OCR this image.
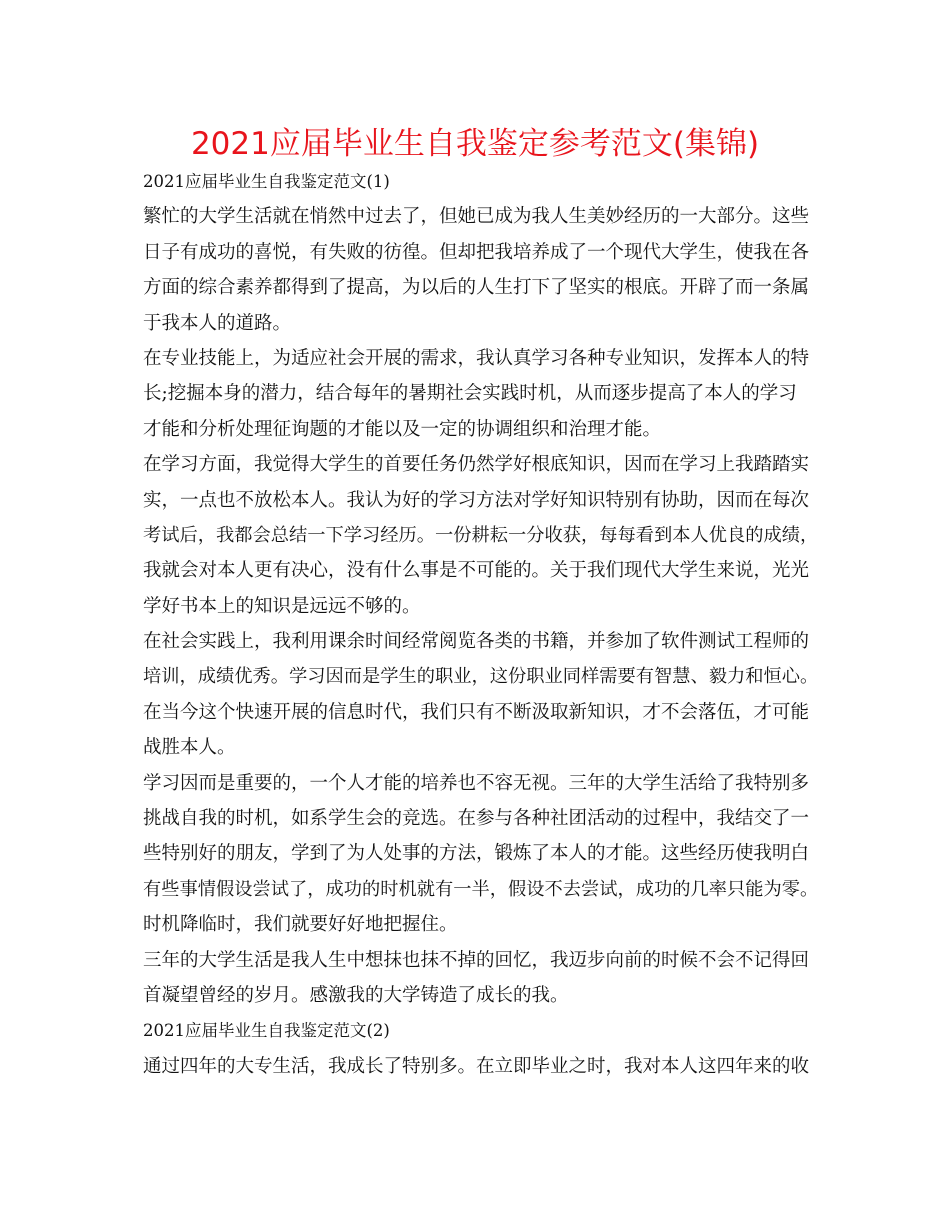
2021应届毕业生自我鉴定参考范文(集锦)
2021应届毕业生自我鉴定范文(1)
繁忙的大学生活就在悄然中过去了，但她已成为我人生美妙经历的一大部分。这些
日子有成功的喜悦，有失败的彷徨。但却把我培养成了一个现代大学生，使我在各
方面的综合素养都得到了提高，为以后的人生打下了坚实的根底。开辟了而一条属
于我本人的道路。
在专业技能上，为适应社会开展的需求，我认真学习各种专业知识，发挥本人的特
长;挖掘本身的潜力，结合每年的暑期社会实践时机，从而逐步提高了本人的学习
才能和分析处理征询题的才能以及一定的协调组织和治理才能。
在学习方面，我觉得大学生的首要任务仍然学好根底知识，因而在学习上我踏踏实
实，一点也不放松本人。我认为好的学习方法对学好知识特别有协助，因而在每次
考试后，我都会总结一下学习经历。一份耕耘一分收获，每每看到本人优良的成绩，
我就会对本人更有决心，没有什么事是不可能的。关于我们现代大学生来说，光光
学好书本上的知识是远远不够的。
在社会实践上，我利用课余时间经常阅览各类的书籍，并参加了软件测试工程师的
培训，成绩优秀。学习因而是学生的职业，这份职业同样需要有智慧、毅力和恒心。
在当今这个快速开展的信息时代，我们只有不断汲取新知识，才不会落伍，才可能
战胜本人。
学习因而是重要的，一个人才能的培养也不容无视。三年的大学生活给了我特别多
挑战自我的时机，如系学生会的竞选。在参与各种社团活动的过程中，我结交了一
些特别好的朋友，学到了为人处事的方法，锻炼了本人的才能。这些经历使我明白
有些事情假设尝试了，成功的时机就有一半，假设不去尝试，成功的几率只能为零。
时机降临时，我们就要好好地把握住。
三年的大学生活是我人生中想抹也抹不掉的回忆，我迈步向前的时候不会不记得回
首凝望曾经的岁月。感激我的大学铸造了成长的我。
2021应届毕业生自我鉴定范文(2)
通过四年的大专生活，我成长了特别多。在立即毕业之时，我对本人这四年来的收
